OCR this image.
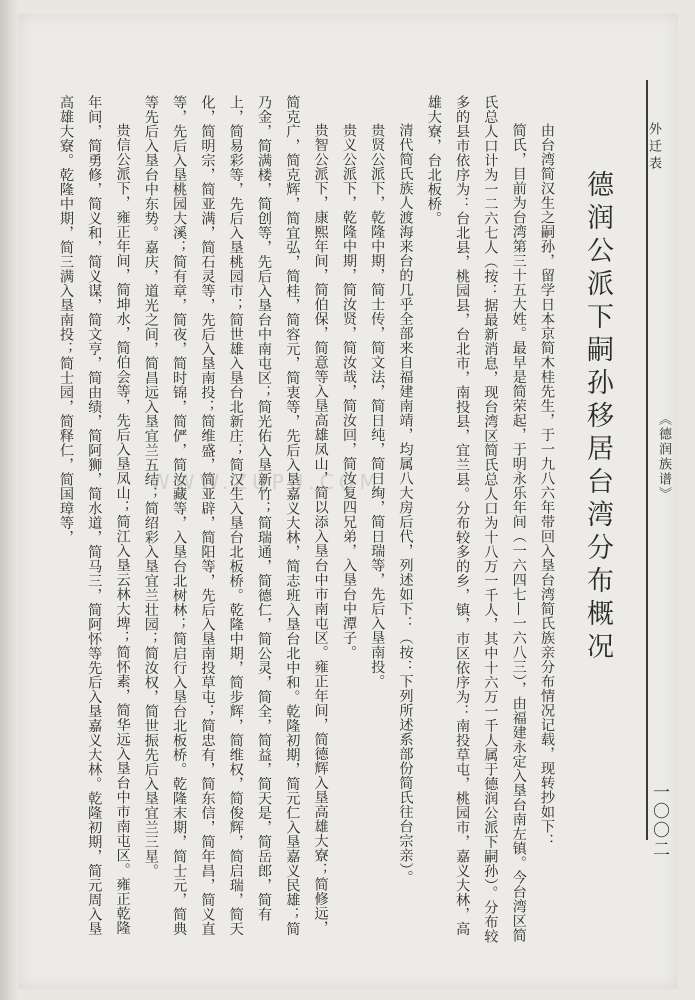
外迁表
《德润族谱》
一〇〇二
德润公派下嗣孙移居台湾分布概况

由台湾简汉生之嗣孙，留学日本京简木桂先生，于一九八六年带回入垦台湾简氏族亲分布情况记载，现转抄如下：

简氏，目前为台湾第三十五大姓。最早是简荣起，于明永乐年间（一六四七—一六八三），由福建永定入垦台南左镇。今台湾区简氏总人口计为一二六七人（按：据最新消息，现台湾区简氏总人口为十八万一千人，其中十六万一千人属于德润公派下嗣孙）。分布较多的县市依序为：台北县，桃园县，台北市，南投县，宜兰县。分布较多的乡，镇，市区依序为：南投草屯，桃园市，嘉义大林，高雄大寮，台北板桥。

清代简氏族人渡海来台的几乎全部来自福建南靖，均属八大房后代，列述如下：（按：下列所述系部份简氏往台宗亲）。

贵贤公派下，乾隆中期，简士传，简文法，简日纯，简日绚，简日瑞等，先后入垦南投。

贵义公派下，乾隆中期，简汝贤，简汝哉，简汝回，简汝复四兄弟，入垦台中潭子。

贵智公派下，康熙年间，简伯保，简意等入垦高雄凤山，简以添入垦台中市南屯区。雍正年间，简德辉入垦高雄大寮；简修远，简克广，简克辉，简宜弘，简桂，简容元，简衷等，先后入垦嘉义大林，简志班入垦台北中和。乾隆初期，简元仁入垦嘉义民雄；简乃金，简满楼，简创等，先后入垦台中南屯区；简光佑入垦新竹；简瑞通，简德仁，简公灵，简全，简益，简天是，简岳郎，简有上，简易彩等，先后入垦桃园市；简世雄入垦台北新庄；简汉生入垦台北板桥。乾隆中期，简步辉，简维权，简俊辉，简启瑞，简天化，简明宗，简亚满，简石灵等，先后入垦南投；简维盛，简亚辟，简阳等，先后入垦南投草屯；简忠有，简东信，简年昌，简义直等，先后入垦桃园大溪；简有章，简夜，简时锦，简俨，简汝藏等，入垦台北树林；简启行入垦台北板桥。乾隆末期，简士元，简典等先后入垦台中东势。嘉庆，道光之间，简昌远入垦宜兰五结；简绍彩入垦宜兰壮园；简汝权，简世振先后入垦宜兰三星。

贵信公派下，雍正年间，简坤水，简伯会等，先后入垦凤山；简江入垦云林大埤；简怀素，简华远入垦台中市南屯区。雍正乾隆年间，简勇修，简义和，简义谋，简文亨，简由绩，简阿狮，简水道，简马三，简阿怀等先后入垦嘉义大林。乾隆初期，简元周入垦高雄大寮。乾隆中期，简三满入垦南投；简士园，简释仁，简国璋等，	WWW.ZUPU.COM
